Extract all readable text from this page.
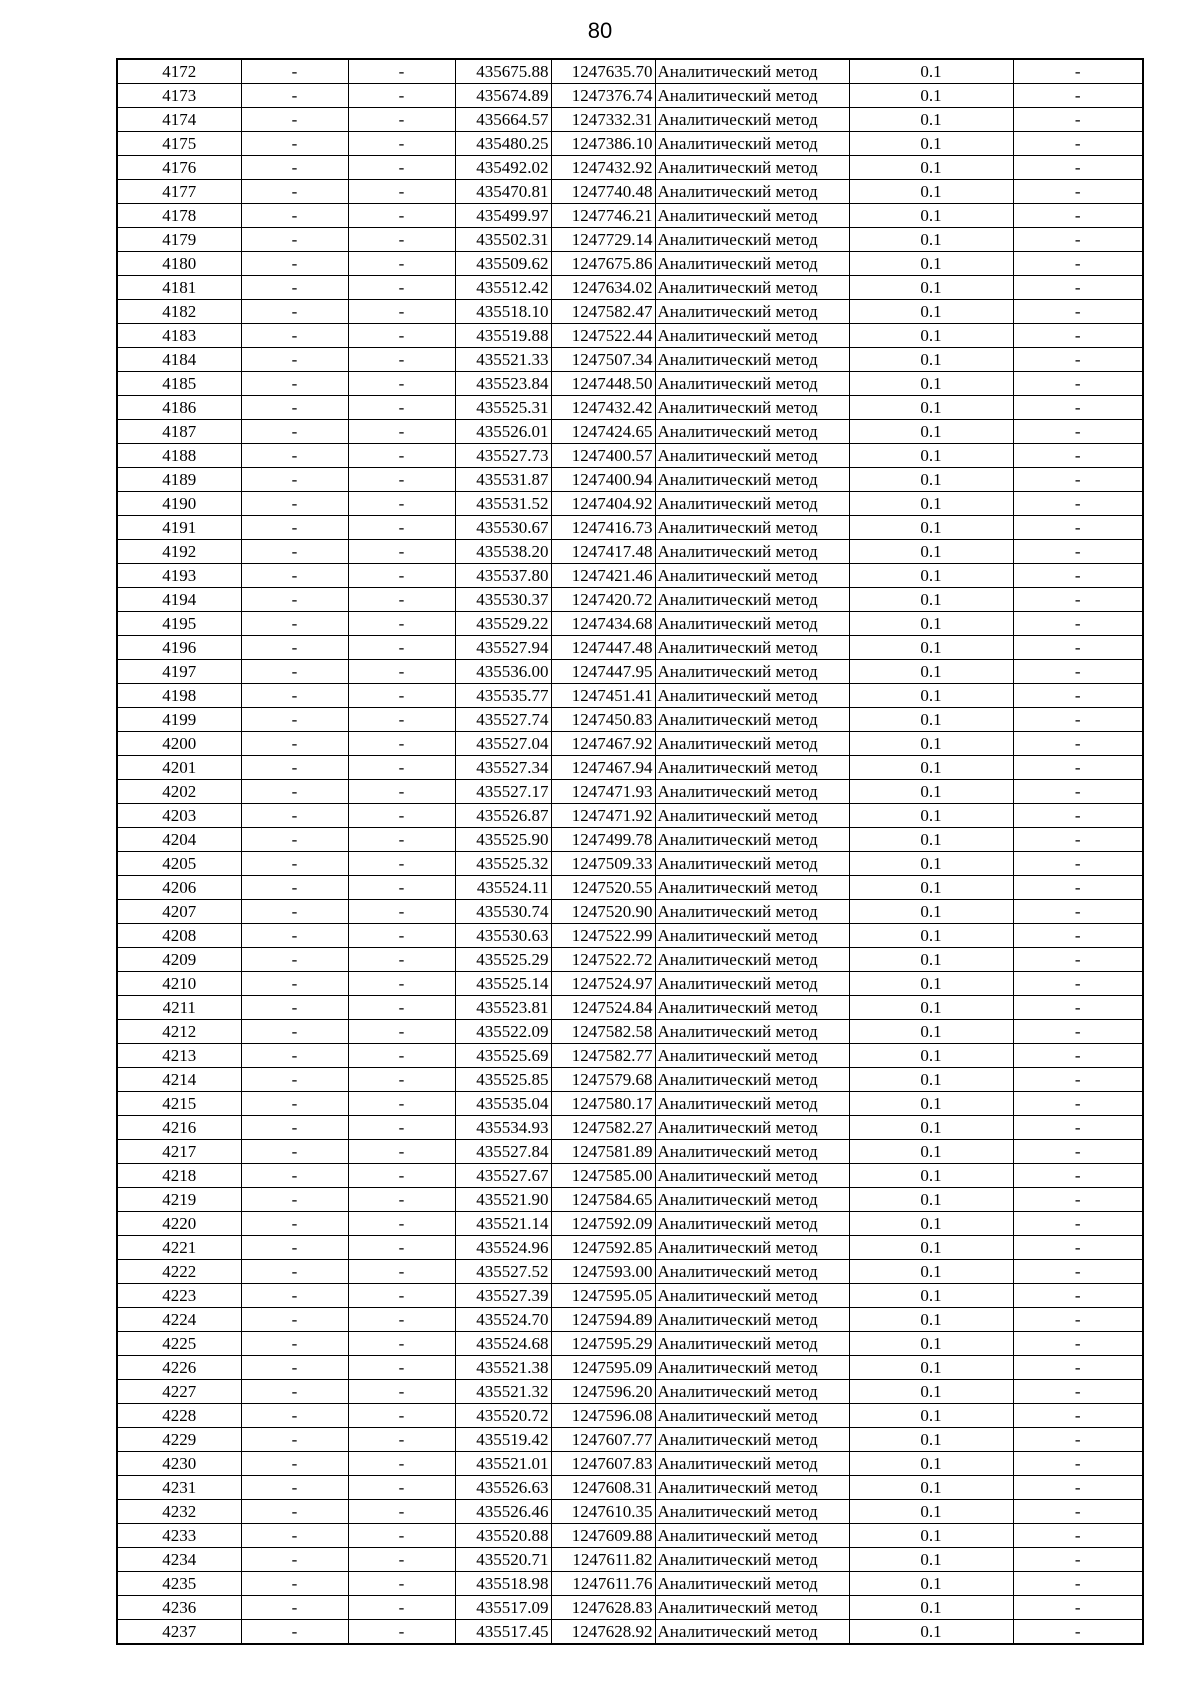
80
4172	-	-	435675.88	1247635.70	Аналитический метод	0.1	-
4173	-	-	435674.89	1247376.74	Аналитический метод	0.1	-
4174	-	-	435664.57	1247332.31	Аналитический метод	0.1	-
4175	-	-	435480.25	1247386.10	Аналитический метод	0.1	-
4176	-	-	435492.02	1247432.92	Аналитический метод	0.1	-
4177	-	-	435470.81	1247740.48	Аналитический метод	0.1	-
4178	-	-	435499.97	1247746.21	Аналитический метод	0.1	-
4179	-	-	435502.31	1247729.14	Аналитический метод	0.1	-
4180	-	-	435509.62	1247675.86	Аналитический метод	0.1	-
4181	-	-	435512.42	1247634.02	Аналитический метод	0.1	-
4182	-	-	435518.10	1247582.47	Аналитический метод	0.1	-
4183	-	-	435519.88	1247522.44	Аналитический метод	0.1	-
4184	-	-	435521.33	1247507.34	Аналитический метод	0.1	-
4185	-	-	435523.84	1247448.50	Аналитический метод	0.1	-
4186	-	-	435525.31	1247432.42	Аналитический метод	0.1	-
4187	-	-	435526.01	1247424.65	Аналитический метод	0.1	-
4188	-	-	435527.73	1247400.57	Аналитический метод	0.1	-
4189	-	-	435531.87	1247400.94	Аналитический метод	0.1	-
4190	-	-	435531.52	1247404.92	Аналитический метод	0.1	-
4191	-	-	435530.67	1247416.73	Аналитический метод	0.1	-
4192	-	-	435538.20	1247417.48	Аналитический метод	0.1	-
4193	-	-	435537.80	1247421.46	Аналитический метод	0.1	-
4194	-	-	435530.37	1247420.72	Аналитический метод	0.1	-
4195	-	-	435529.22	1247434.68	Аналитический метод	0.1	-
4196	-	-	435527.94	1247447.48	Аналитический метод	0.1	-
4197	-	-	435536.00	1247447.95	Аналитический метод	0.1	-
4198	-	-	435535.77	1247451.41	Аналитический метод	0.1	-
4199	-	-	435527.74	1247450.83	Аналитический метод	0.1	-
4200	-	-	435527.04	1247467.92	Аналитический метод	0.1	-
4201	-	-	435527.34	1247467.94	Аналитический метод	0.1	-
4202	-	-	435527.17	1247471.93	Аналитический метод	0.1	-
4203	-	-	435526.87	1247471.92	Аналитический метод	0.1	-
4204	-	-	435525.90	1247499.78	Аналитический метод	0.1	-
4205	-	-	435525.32	1247509.33	Аналитический метод	0.1	-
4206	-	-	435524.11	1247520.55	Аналитический метод	0.1	-
4207	-	-	435530.74	1247520.90	Аналитический метод	0.1	-
4208	-	-	435530.63	1247522.99	Аналитический метод	0.1	-
4209	-	-	435525.29	1247522.72	Аналитический метод	0.1	-
4210	-	-	435525.14	1247524.97	Аналитический метод	0.1	-
4211	-	-	435523.81	1247524.84	Аналитический метод	0.1	-
4212	-	-	435522.09	1247582.58	Аналитический метод	0.1	-
4213	-	-	435525.69	1247582.77	Аналитический метод	0.1	-
4214	-	-	435525.85	1247579.68	Аналитический метод	0.1	-
4215	-	-	435535.04	1247580.17	Аналитический метод	0.1	-
4216	-	-	435534.93	1247582.27	Аналитический метод	0.1	-
4217	-	-	435527.84	1247581.89	Аналитический метод	0.1	-
4218	-	-	435527.67	1247585.00	Аналитический метод	0.1	-
4219	-	-	435521.90	1247584.65	Аналитический метод	0.1	-
4220	-	-	435521.14	1247592.09	Аналитический метод	0.1	-
4221	-	-	435524.96	1247592.85	Аналитический метод	0.1	-
4222	-	-	435527.52	1247593.00	Аналитический метод	0.1	-
4223	-	-	435527.39	1247595.05	Аналитический метод	0.1	-
4224	-	-	435524.70	1247594.89	Аналитический метод	0.1	-
4225	-	-	435524.68	1247595.29	Аналитический метод	0.1	-
4226	-	-	435521.38	1247595.09	Аналитический метод	0.1	-
4227	-	-	435521.32	1247596.20	Аналитический метод	0.1	-
4228	-	-	435520.72	1247596.08	Аналитический метод	0.1	-
4229	-	-	435519.42	1247607.77	Аналитический метод	0.1	-
4230	-	-	435521.01	1247607.83	Аналитический метод	0.1	-
4231	-	-	435526.63	1247608.31	Аналитический метод	0.1	-
4232	-	-	435526.46	1247610.35	Аналитический метод	0.1	-
4233	-	-	435520.88	1247609.88	Аналитический метод	0.1	-
4234	-	-	435520.71	1247611.82	Аналитический метод	0.1	-
4235	-	-	435518.98	1247611.76	Аналитический метод	0.1	-
4236	-	-	435517.09	1247628.83	Аналитический метод	0.1	-
4237	-	-	435517.45	1247628.92	Аналитический метод	0.1	-
